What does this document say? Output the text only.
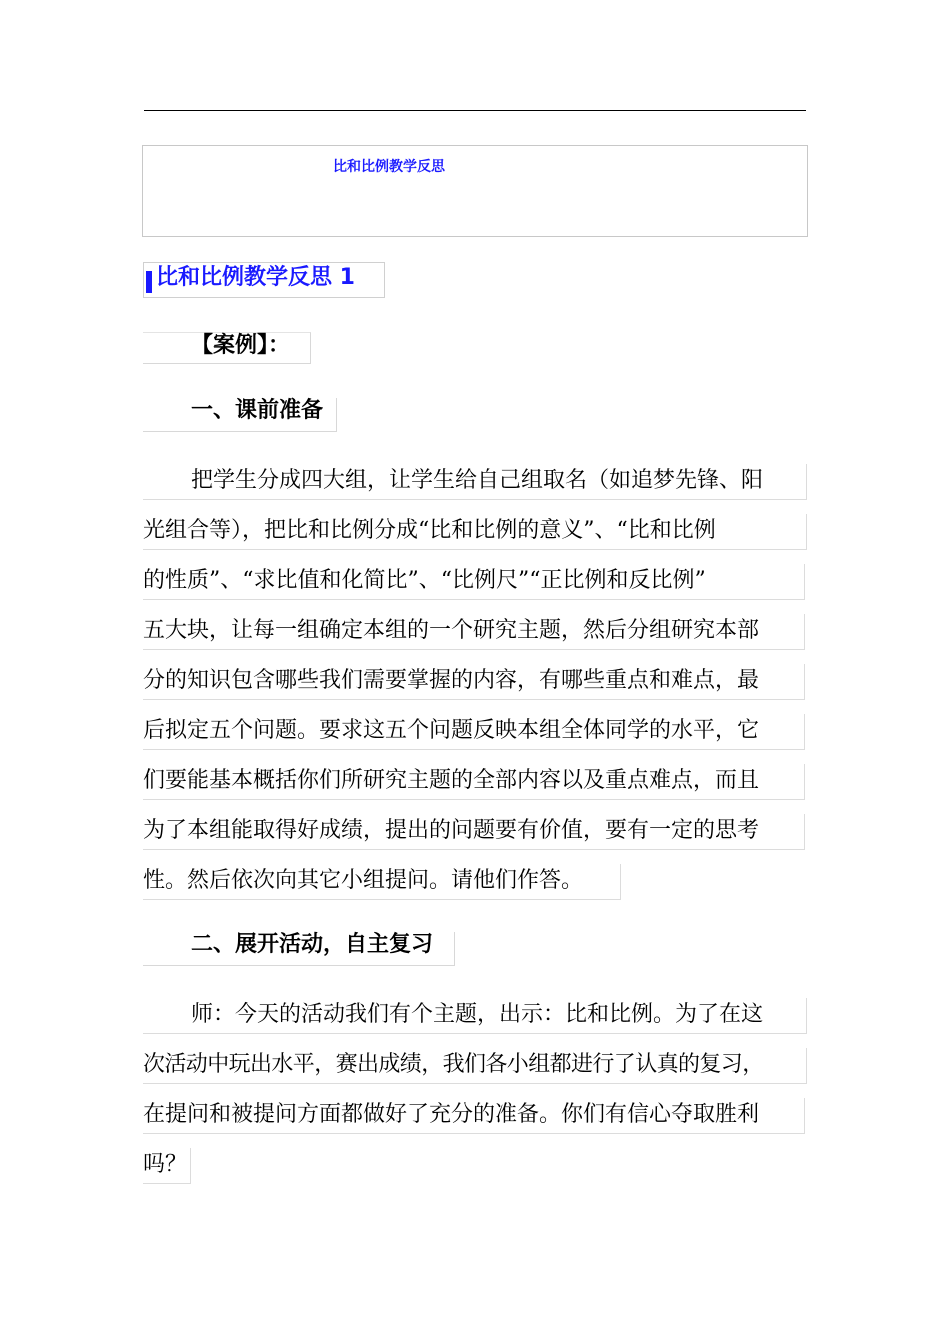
比和比例教学反思
比和比例教学反思 1
【案例】：
一、课前准备
把学生分成四大组，让学生给自己组取名（如追梦先锋、阳
光组合等），把比和比例分成“比和比例的意义”、“比和比例
的性质”、“求比值和化简比”、“比例尺”“正比例和反比例”
五大块，让每一组确定本组的一个研究主题，然后分组研究本部
分的知识包含哪些我们需要掌握的内容，有哪些重点和难点，最
后拟定五个问题。要求这五个问题反映本组全体同学的水平，它
们要能基本概括你们所研究主题的全部内容以及重点难点，而且
为了本组能取得好成绩，提出的问题要有价值，要有一定的思考
性。然后依次向其它小组提问。请他们作答。
二、展开活动，自主复习
师：今天的活动我们有个主题，出示：比和比例。为了在这
次活动中玩出水平，赛出成绩，我们各小组都进行了认真的复习，
在提问和被提问方面都做好了充分的准备。你们有信心夺取胜利
吗？
